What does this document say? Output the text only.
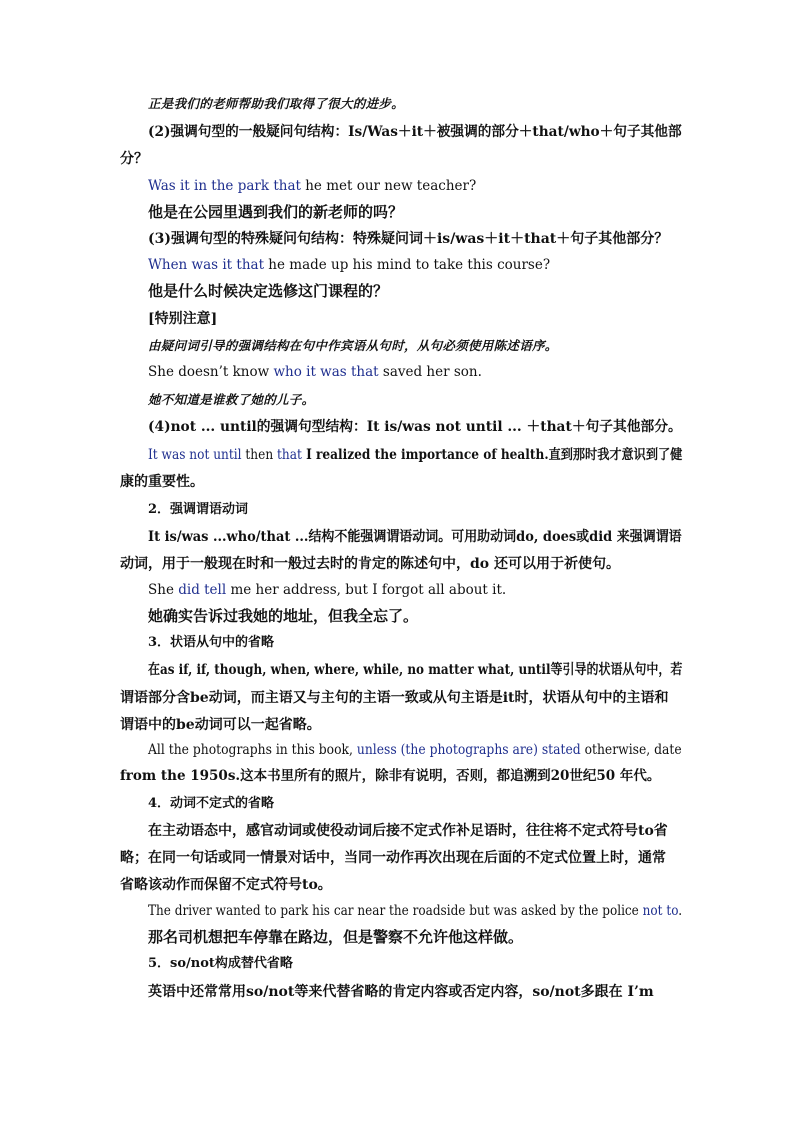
正是我们的老师帮助我们取得了很大的进步。
(2)强调句型的一般疑问句结构：Is/Was＋it＋被强调的部分＋that/who＋句子其他部
分？
Was it in the park that he met our new teacher?
他是在公园里遇到我们的新老师的吗？
(3)强调句型的特殊疑问句结构：特殊疑问词＋is/was＋it＋that＋句子其他部分？
When was it that he made up his mind to take this course?
他是什么时候决定选修这门课程的？
[特别注意]
由疑问词引导的强调结构在句中作宾语从句时，从句必须使用陈述语序。
She doesn’t know who it was that saved her son.
她不知道是谁救了她的儿子。
(4)not ... until的强调句型结构：It is/was not until ... ＋that＋句子其他部分。
It was not until then that I realized the importance of health.直到那时我才意识到了健
康的重要性。
2．强调谓语动词
It is/was ...who/that ...结构不能强调谓语动词。可用助动词do, does或did 来强调谓语
动词，用于一般现在时和一般过去时的肯定的陈述句中，do 还可以用于祈使句。
She did tell me her address, but I forgot all about it.
她确实告诉过我她的地址，但我全忘了。
3．状语从句中的省略
在as if, if, though, when, where, while, no matter what, until等引导的状语从句中，若
谓语部分含be动词，而主语又与主句的主语一致或从句主语是it时，状语从句中的主语和
谓语中的be动词可以一起省略。
All the photographs in this book, unless (the photographs are) stated otherwise, date
from the 1950s.这本书里所有的照片，除非有说明，否则，都追溯到20世纪50 年代。
4．动词不定式的省略
在主动语态中，感官动词或使役动词后接不定式作补足语时，往往将不定式符号to省
略；在同一句话或同一情景对话中，当同一动作再次出现在后面的不定式位置上时，通常
省略该动作而保留不定式符号to。
The driver wanted to park his car near the roadside but was asked by the police not to.
那名司机想把车停靠在路边，但是警察不允许他这样做。
5．so/not构成替代省略
英语中还常常用so/not等来代替省略的肯定内容或否定内容，so/not多跟在 I’m
